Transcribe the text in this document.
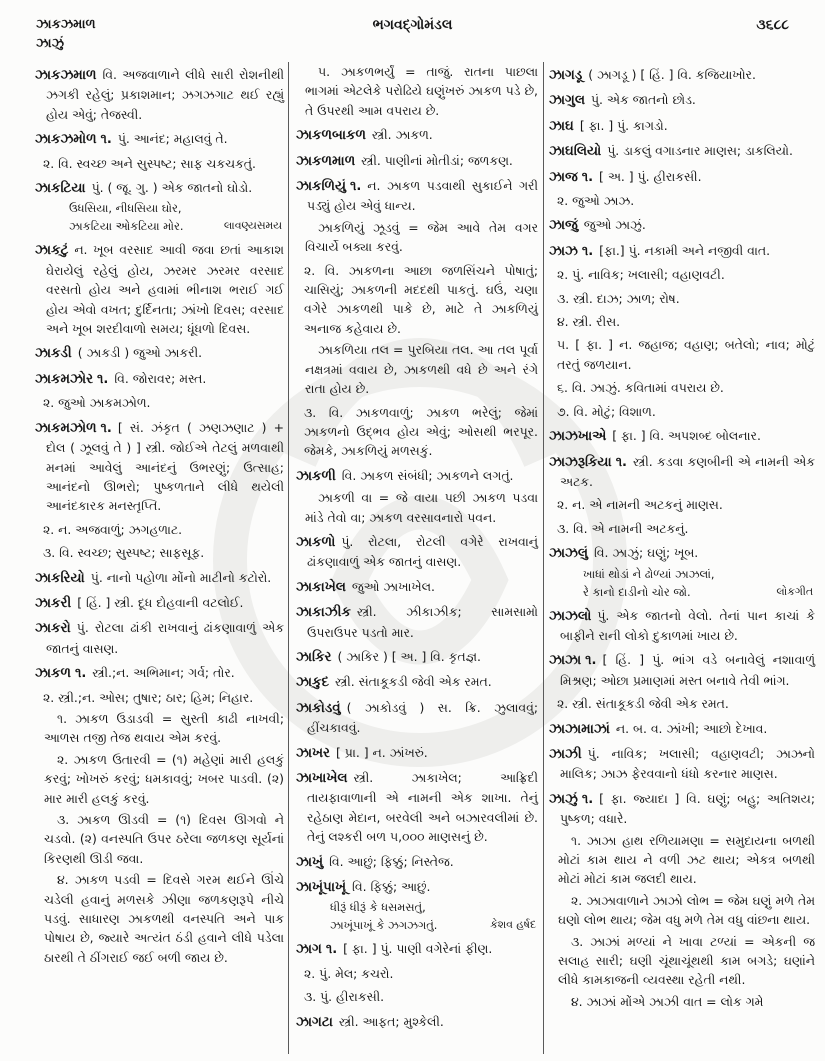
ઝાકઝમાળ
ઝાઝું
ભગવદ્ગોમંડલ	૩૬૮૮
ઝાકઝમાળ વિ. અજવાળાને લીધે સારી રોશનીથી ઝગકી રહેલું; પ્રકાશમાન; ઝગઝગાટ થઈ રહ્યું હોય એવું; તેજસ્વી.
ઝાકઝમોળ ૧. પું. આનંદ; મહાલવું તે.
૨. વિ. સ્વચ્છ અને સુસ્પષ્ટ; સાફ ચકચકતું.
ઝાકટિયા પું. ( જૂ. ગુ. ) એક જાતનો ઘોડો.
ઉધસિયા, નીધસિયા ઘોર,
ઝાકટિયા ઓકટિયા મોર.	લાવણ્યસમય
ઝાકટું ન. ખૂબ વરસાદ આવી જવા છતાં આકાશ ઘેરાયેલું રહેલું હોય, ઝરમર ઝરમર વરસાદ વરસતો હોય અને હવામાં ભીનાશ ભરાઈ ગઈ હોય એવો વખત; દુર્દિનતા; ઝાંખો દિવસ; વરસાદ અને ખૂબ શરદીવાળો સમય; ધૂંધળો દિવસ.
ઝાકડી ( ઝાકડી ) જુઓ ઝાકરી.
ઝાકમઝોર ૧. વિ. જોરાવર; મસ્ત.
૨. જુઓ ઝાકમઝોળ.
ઝાકમઝોળ ૧. [ સં. ઝંકૃત ( ઝણઝણાટ ) + દોલ ( ઝૂલવું તે ) ] સ્ત્રી. જોઈએ તેટલું મળવાથી મનમાં આવેલું આનંદનું ઉભરણું; ઉત્સાહ; આનંદનો ઊભરો; પુષ્કળતાને લીધે થયેલી આનંદકારક મનસ્તૃપ્તિ.
૨. ન. અજવાળું; ઝગહળાટ.
૩. વિ. સ્વચ્છ; સુસ્પષ્ટ; સાફસૂફ.
ઝાકરિયો પું. નાનો પહોળા મોંનો માટીનો કટોરો.
ઝાકરી [ હિં. ] સ્ત્રી. દૂધ દોહવાની વટલોઈ.
ઝાકરો પું. રોટલા ઢાંકી રાખવાનું ઢાંકણાવાળું એક જાતનું વાસણ.
ઝાકળ ૧. સ્ત્રી.;ન. અભિમાન; ગર્વ; તોર.
૨. સ્ત્રી.;ન. ઓસ; તુષાર; ઠાર; હિમ; નિહાર.
૧. ઝાકળ ઉડાડવી = સુસ્તી કાઢી નાખવી; આળસ તજી તેજ થવાય એમ કરવું.
૨. ઝાકળ ઉતારવી = (૧) મહેણાં મારી હલકું કરવું; ખોખરું કરવું; ધમકાવવું; ખબર પાડવી. (૨) માર મારી હલકું કરવું.
૩. ઝાકળ ઊડવી = (૧) દિવસ ઊગવો ને ચડવો. (૨) વનસ્પતિ ઉપર ઠરેલા જળકણ સૂર્યનાં કિરણથી ઊડી જવા.
૪. ઝાકળ પડવી = દિવસે ગરમ થઈને ઊંચે ચડેલી હવાનું મળસકે ઝીણા જળકણરૂપે નીચે પડવું. સાધારણ ઝાકળથી વનસ્પતિ અને પાક પોષાય છે, જ્યારે અત્યંત ઠંડી હવાને લીધે પડેલા ઠારથી તે ઠીંગરાઈ જઈ બળી જાય છે.
૫. ઝાકળભર્યું = તાજું. રાતના પાછલા ભાગમાં એટલેકે પરોઢિયે ઘણુંખરું ઝાકળ પડે છે, તે ઉપરથી આમ વપરાય છે.
ઝાકળબાકળ સ્ત્રી. ઝાકળ.
ઝાકળમાળ સ્ત્રી. પાણીનાં મોતીડાં; જળકણ.
ઝાકળિયું ૧. ન. ઝાકળ પડવાથી સુકાઈને ગરી પડ્યું હોય એવું ધાન્ય.
ઝાકળિયું ઝૂડવું = જેમ આવે તેમ વગર વિચાર્યે બક્યા કરવું.
૨. વિ. ઝાકળના આછા જળસિંચને પોષાતું; ચાસિયું; ઝાકળની મદદથી પાકતું. ઘઉં, ચણા વગેરે ઝાકળથી પાકે છે, માટે તે ઝાકળિયું અનાજ કહેવાય છે.
ઝાકળિયા તલ = પુરબિયા તલ. આ તલ પૂર્વા નક્ષત્રમાં વવાય છે, ઝાકળથી વધે છે અને રંગે રાતા હોય છે.
૩. વિ. ઝાકળવાળું; ઝાકળ ભરેલું; જેમાં ઝાકળનો ઉદ્ભવ હોય એવું; ઓસથી ભરપૂર. જેમકે, ઝાકળિયું મળસકું.
ઝાકળી વિ. ઝાકળ સંબંધી; ઝાકળને લગતું.
ઝાકળી વા = જે વાયા પછી ઝાકળ પડવા માંડે તેવો વા; ઝાકળ વરસાવનારો પવન.
ઝાકળો પું. રોટલા, રોટલી વગેરે રાખવાનું ઢાંકણાવાળું એક જાતનું વાસણ.
ઝાકાખેલ જુઓ ઝાખાખેલ.
ઝાકાઝીક સ્ત્રી. ઝીકાઝીક; સામસામો ઉપરાઉપર પડતો માર.
ઝાકિર ( ઝાકિર ) [ અ. ] વિ. કૃતજ્ઞ.
ઝાકુદ સ્ત્રી. સંતાકૂકડી જેવી એક રમત.
ઝાકોડવું ( ઝાકોડવું ) સ. ક્રિ. ઝુલાવવું; હીંચકાવવું.
ઝાખર [ પ્રા. ] ન. ઝાંખરું.
ઝાખાખેલ સ્ત્રી. ઝાકાખેલ; આફ્રિદી તાયફાવાળાની એ નામની એક શાખા. તેનું રહેઠાણ મેદાન, બરવેલી અને બઝારવલીમાં છે. તેનું લશ્કરી બળ ૫,૦૦૦ માણસનું છે.
ઝાખું વિ. આછું; ફિક્કું; નિસ્તેજ.
ઝાખૂંપાખૂં વિ. ફિક્કું; આછું.
ધીરૂં ધીરૂં કે ધસમસતું,
ઝાખૂંપાખૂં કે ઝગઝગતું.	કેશવ હર્ષદ
ઝાગ ૧. [ ફા. ] પું. પાણી વગેરેનાં ફીણ.
૨. પું. મેલ; કચરો.
૩. પું. હીરાકસી.
ઝાગટા સ્ત્રી. આફત; મુશ્કેલી.
ઝાગડૂ ( ઝાગડૂ ) [ હિં. ] વિ. કજિયાખોર.
ઝાગુલ પું. એક જાતનો છોડ.
ઝાઘ [ ફા. ] પું. કાગડો.
ઝાઘલિયો પું. ડાકલું વગાડનાર માણસ; ડાકલિયો.
ઝાજ ૧. [ અ. ] પું. હીરાકસી.
૨. જુઓ ઝાઝ.
ઝાજું જુઓ ઝાઝું.
ઝાઝ ૧. [ફા.] પું. નકામી અને નજીવી વાત.
૨. પું. નાવિક; ખલાસી; વહાણવટી.
૩. સ્ત્રી. દાઝ; ઝાળ; રોષ.
૪. સ્ત્રી. રીસ.
૫. [ ફા. ] ન. જહાજ; વહાણ; બતેલો; નાવ; મોટું તરતું જળયાન.
૬. વિ. ઝાઝું. કવિતામાં વપરાય છે.
૭. વિ. મોટું; વિશાળ.
ઝાઝખાએ [ ફા. ] વિ. અપશબ્દ બોલનાર.
ઝાઝરૂકિયા ૧. સ્ત્રી. કડવા કણબીની એ નામની એક અટક.
૨. ન. એ નામની અટકનું માણસ.
૩. વિ. એ નામની અટકનું.
ઝાઝલું વિ. ઝાઝું; ઘણું; ખૂબ.
ખાધાં થોડાં ને ઢોળ્યાં ઝાઝલાં,
રે કાનો દાડીનો ચોર જો.	લોકગીત
ઝાઝલો પું. એક જાતનો વેલો. તેનાં પાન કાચાં કે બાફીને રાની લોકો દુકાળમાં ખાય છે.
ઝાઝા ૧. [ હિં. ] પું. ભાંગ વડે બનાવેલું નશાવાળું મિશ્રણ; ઓછા પ્રમાણમાં મસ્ત બનાવે તેવી ભાંગ.
૨. સ્ત્રી. સંતાકૂકડી જેવી એક રમત.
ઝાઝામાઝાં ન. બ. વ. ઝાંખી; આછો દેખાવ.
ઝાઝી પું. નાવિક; ખલાસી; વહાણવટી; ઝાઝનો માલિક; ઝાઝ ફેરવવાનો ધંધો કરનાર માણસ.
ઝાઝું ૧. [ ફા. જ્યાદા ] વિ. ઘણું; બહુ; અતિશય; પુષ્કળ; વધારે.
૧. ઝાઝા હાથ રળિયામણા = સમુદાયના બળથી મોટાં કામ થાય ને વળી ઝટ થાય; એકત્ર બળથી મોટાં મોટાં કામ જલદી થાય.
૨. ઝાઝાવાળાને ઝાઝો લોભ = જેમ ઘણું મળે તેમ ઘણો લોભ થાય; જેમ વધુ મળે તેમ વધુ વાંછના થાય.
૩. ઝાઝાં મળ્યાં ને ખાવા ટળ્યાં = એકની જ સલાહ સારી; ઘણી ચૂંથાચૂંથથી કામ બગડે; ઘણાંને લીધે કામકાજની વ્યવસ્થા રહેતી નથી.
૪. ઝાઝાં મોંએ ઝાઝી વાત = લોક ગમે
